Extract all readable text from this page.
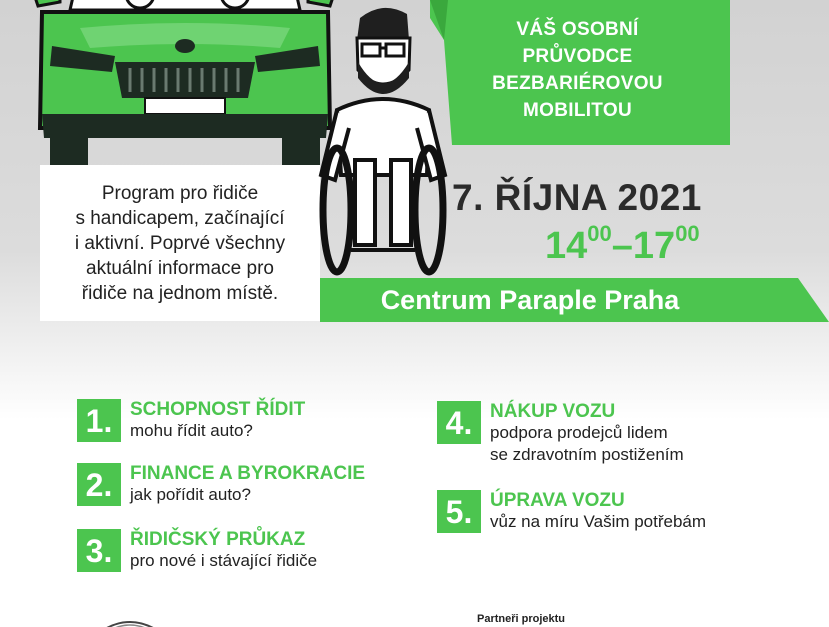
Program pro řidiče
s handicapem, začínající
i aktivní. Poprvé všechny
aktuální informace pro
řidiče na jednom místě.
VÁŠ OSOBNÍ
PRŮVODCE
BEZBARIÉROVOU
MOBILITOU
7. ŘÍJNA 2021
$14^{00}-17^{00}$
Centrum Paraple Praha
1. SCHOPNOST ŘÍDIT
mohu řídit auto?
2. FINANCE A BYROKRACIE
jak pořídit auto?
3. ŘIDIČSKÝ PRŮKAZ
pro nové i stávající řidiče
4. NÁKUP VOZU
podpora prodejců lidem
se zdravotním postižením
5. ÚPRAVA VOZU
vůz na míru Vašim potřebám
Partneři projektu
